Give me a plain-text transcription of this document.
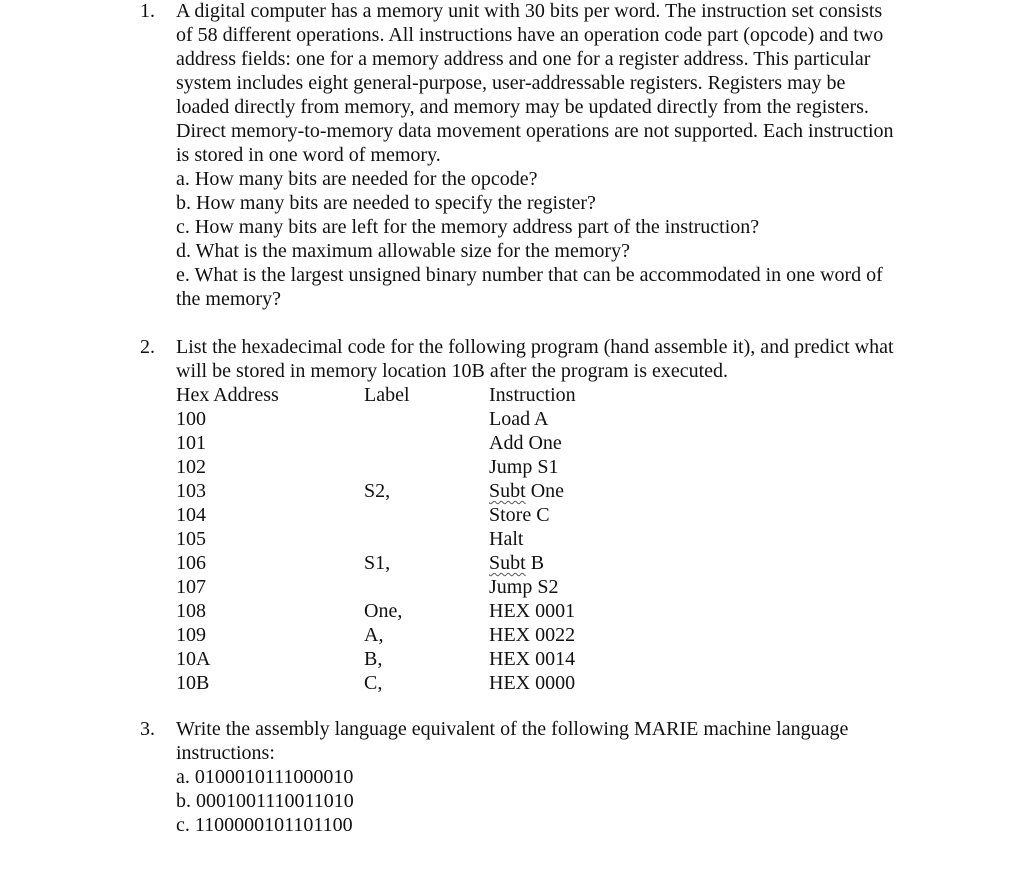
1.	A digital computer has a memory unit with 30 bits per word. The instruction set consists
of 58 different operations. All instructions have an operation code part (opcode) and two
address fields: one for a memory address and one for a register address. This particular
system includes eight general-purpose, user-addressable registers. Registers may be
loaded directly from memory, and memory may be updated directly from the registers.
Direct memory-to-memory data movement operations are not supported. Each instruction
is stored in one word of memory.
a. How many bits are needed for the opcode?
b. How many bits are needed to specify the register?
c. How many bits are left for the memory address part of the instruction?
d. What is the maximum allowable size for the memory?
e. What is the largest unsigned binary number that can be accommodated in one word of
the memory?
2.	List the hexadecimal code for the following program (hand assemble it), and predict what
will be stored in memory location 10B after the program is executed.
Hex Address	Label	Instruction
100		Load A
101		Add One
102		Jump S1
103	S2,	Subt One
104		Store C
105		Halt
106	S1,	Subt B
107		Jump S2
108	One,	HEX 0001
109	A,	HEX 0022
10A	B,	HEX 0014
10B	C,	HEX 0000
3.	Write the assembly language equivalent of the following MARIE machine language
instructions:
a. 0100010111000010
b. 0001001110011010
c. 1100000101101100
